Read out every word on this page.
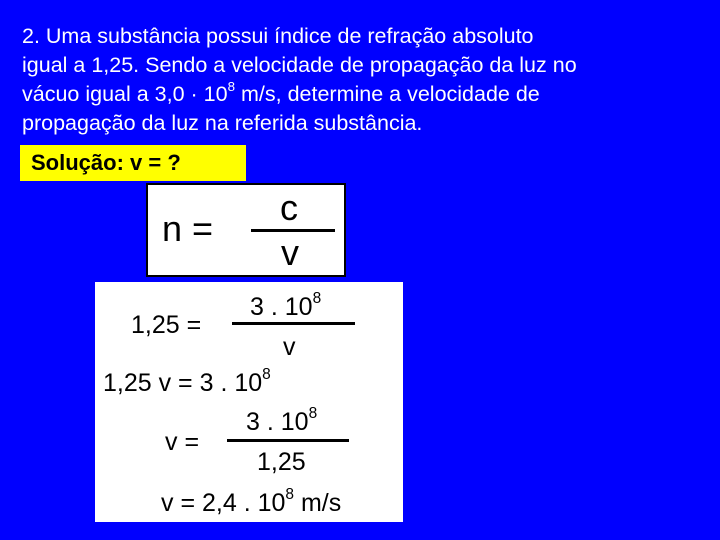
2. Uma substância possui índice de refração absoluto
igual a 1,25. Sendo a velocidade de propagação da luz no
vácuo igual a $3,0 \cdot 10^8$ m/s, determine a velocidade de
propagação da luz na referida substância.
Solução: v = ?
n =
c
v
1,25 =
3 . $10^8$
v
1,25 v = 3 . $10^8$
v =
3 . $10^8$
1,25
v = 2,4 . $10^8$ m/s
